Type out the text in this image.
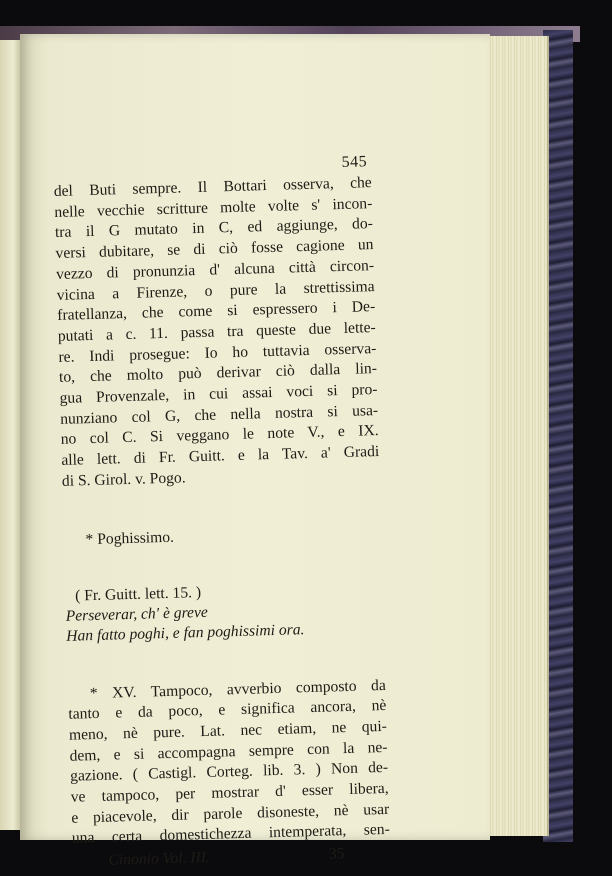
545
del Buti sempre. Il Bottari osserva, che
nelle vecchie scritture molte volte s' incon-
tra il G mutato in C, ed aggiunge, do-
versi dubitare, se di ciò fosse cagione un
vezzo di pronunzia d' alcuna città circon-
vicina a Firenze, o pure la strettissima
fratellanza, che come si espressero i De-
putati a c. 11. passa tra queste due lette-
re. Indi prosegue: Io ho tuttavia osserva-
to, che molto può derivar ciò dalla lin-
gua Provenzale, in cui assai voci si pro-
nunziano col G, che nella nostra si usa-
no col C. Si veggano le note V., e IX.
alle lett. di Fr. Guitt. e la Tav. a' Gradi
di S. Girol. v. Pogo.
* Poghissimo.
( Fr. Guitt. lett. 15. )
Perseverar, ch' è greve
Han fatto poghi, e fan poghissimi ora.
* XV. Tampoco, avverbio composto da
tanto e da poco, e significa ancora, nè
meno, nè pure. Lat. nec etiam, ne qui-
dem, e si accompagna sempre con la ne-
gazione. ( Castigl. Corteg. lib. 3. ) Non de-
ve tampoco, per mostrar d' esser libera,
e piacevole, dir parole disoneste, nè usar
una certa domestichezza intemperata, sen-
Cinonio Vol. III.	35
